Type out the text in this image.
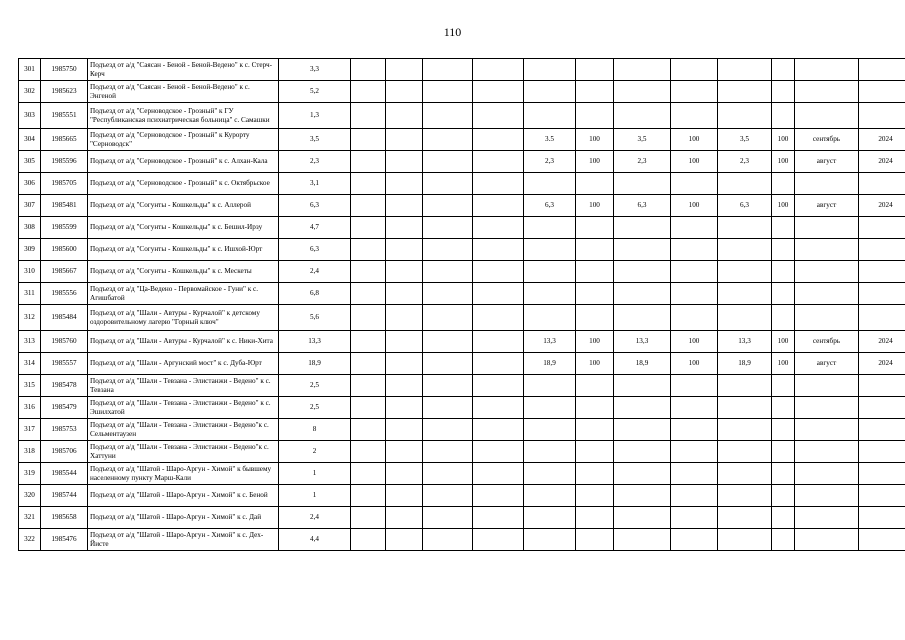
110
301	1985750	Подъезд от а/д "Саясан - Беной - Беной-Ведено" к с. Стерч-Керч	3,3												
302	1985623	Подъезд от а/д "Саясан - Беной - Беной-Ведено" к с. Энгеной	5,2												
303	1985551	Подъезд от а/д "Серноводское - Грозный" к ГУ "Республиканская психиатрическая больница" с. Самашки	1,3												
304	1985665	Подъезд от а/д "Серноводское - Грозный" к Курорту "Серноводск"	3,5					3.5	100	3,5	100	3,5	100	сентябрь	2024
305	1985596	Подъезд от а/д "Серноводское - Грозный" к с. Алхан-Кала	2,3					2,3	100	2,3	100	2,3	100	август	2024
306	1985705	Подъезд от а/д "Серноводское - Грозный" к с. Октябрьское	3,1												
307	1985481	Подъезд от а/д "Согунты - Кошкельды" к с. Аллерой	6,3					6,3	100	6,3	100	6,3	100	август	2024
308	1985599	Подъезд от а/д "Согунты - Кошкельды" к с. Бешил-Ирзу	4,7												
309	1985600	Подъезд от а/д "Согунты - Кошкельды" к с. Ишхой-Юрт	6,3												
310	1985667	Подъезд от а/д "Согунты - Кошкельды" к с. Мескеты	2,4												
311	1985556	Подъезд от а/д "Ца-Ведено - Первомайское - Гуни" к с. Агишбатой	6,8												
312	1985484	Подъезд от а/д "Шали - Автуры - Курчалой" к детскому оздоровительному лагерю "Горный ключ"	5,6												
313	1985760	Подъезд от а/д "Шали - Автуры - Курчалой" к с. Ники-Хита	13,3					13,3	100	13,3	100	13,3	100	сентябрь	2024
314	1985557	Подъезд от а/д "Шали - Аргунский мост" к с. Дуба-Юрт	18,9					18,9	100	18,9	100	18,9	100	август	2024
315	1985478	Подъезд от а/д "Шали - Тевзана - Элистанжи - Ведено" к с. Тевзана	2,5												
316	1985479	Подъезд от а/д "Шали - Тевзана - Элистанжи - Ведено" к с. Эшилхатой	2,5												
317	1985753	Подъезд от а/д "Шали - Тевзана - Элистанжи - Ведено"к с. Сельментаузен	8												
318	1985706	Подъезд от а/д "Шали - Тевзана - Элистанжи - Ведено"к с. Хаттуни	2												
319	1985544	Подъезд от а/д "Шатой - Шаро-Аргун - Химой" к бывшему населенному пункту Марш-Кали	1												
320	1985744	Подъезд от а/д "Шатой - Шаро-Аргун - Химой" к с. Беной	1												
321	1985658	Подъезд от а/д "Шатой - Шаро-Аргун - Химой" к с. Дай	2,4												
322	1985476	Подъезд от а/д "Шатой - Шаро-Аргун - Химой" к с. Дех-Йисте	4,4												
